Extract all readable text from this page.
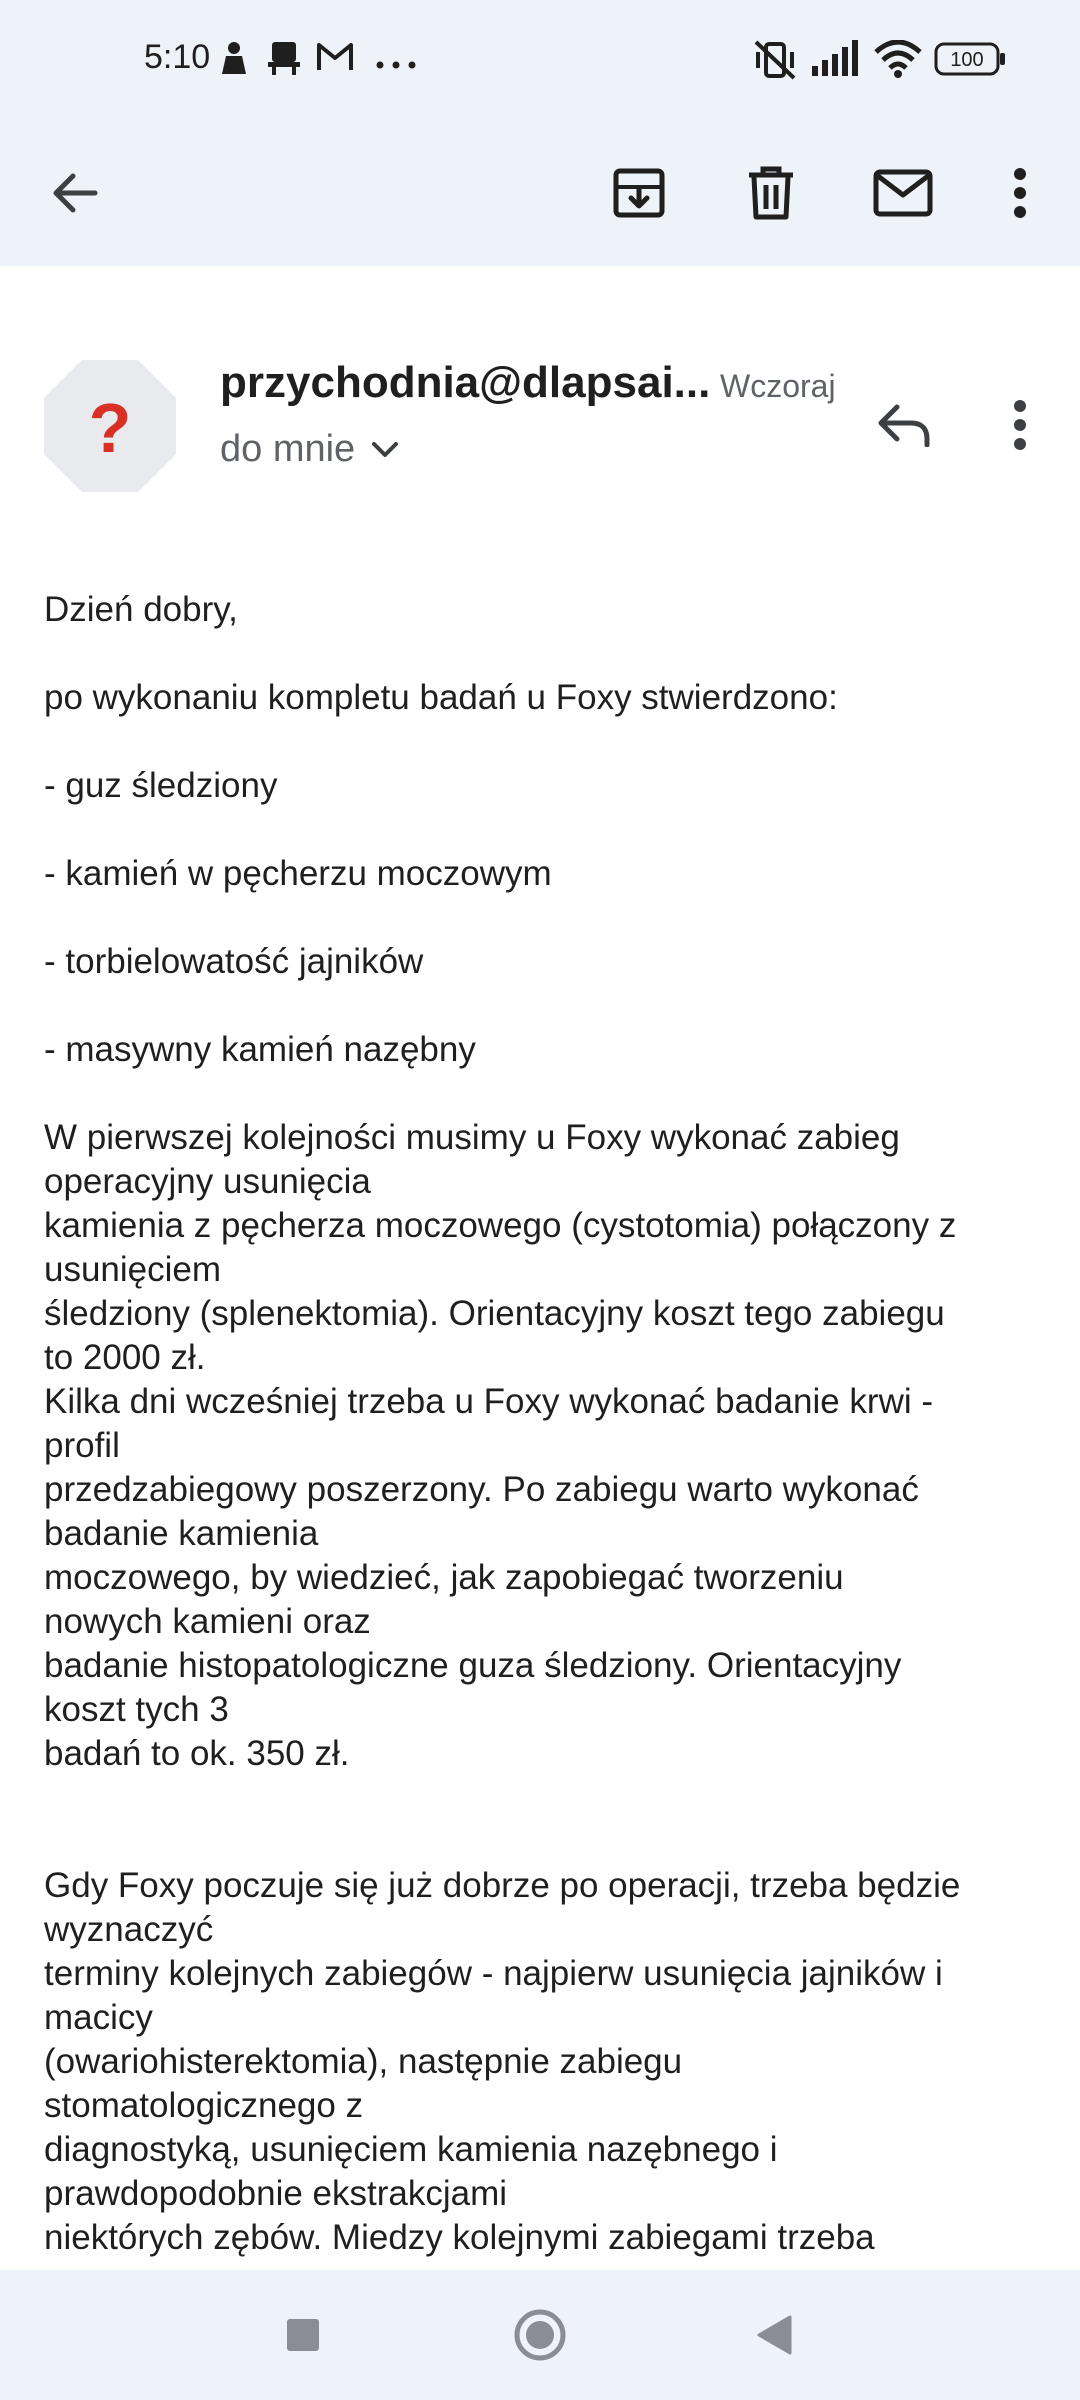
5:10	100
?
przychodnia@dlapsai... Wczoraj
do mnie

Dzień dobry,

po wykonaniu kompletu badań u Foxy stwierdzono:

- guz śledziony

- kamień w pęcherzu moczowym

- torbielowatość jajników

- masywny kamień nazębny

W pierwszej kolejności musimy u Foxy wykonać zabieg
operacyjny usunięcia
kamienia z pęcherza moczowego (cystotomia) połączony z
usunięciem
śledziony (splenektomia). Orientacyjny koszt tego zabiegu
to 2000 zł.
Kilka dni wcześniej trzeba u Foxy wykonać badanie krwi -
profil
przedzabiegowy poszerzony. Po zabiegu warto wykonać
badanie kamienia
moczowego, by wiedzieć, jak zapobiegać tworzeniu
nowych kamieni oraz
badanie histopatologiczne guza śledziony. Orientacyjny
koszt tych 3
badań to ok. 350 zł.

Gdy Foxy poczuje się już dobrze po operacji, trzeba będzie
wyznaczyć
terminy kolejnych zabiegów - najpierw usunięcia jajników i
macicy
(owariohisterektomia), następnie zabiegu
stomatologicznego z
diagnostyką, usunięciem kamienia nazębnego i
prawdopodobnie ekstrakcjami
niektórych zębów. Miedzy kolejnymi zabiegami trzeba
